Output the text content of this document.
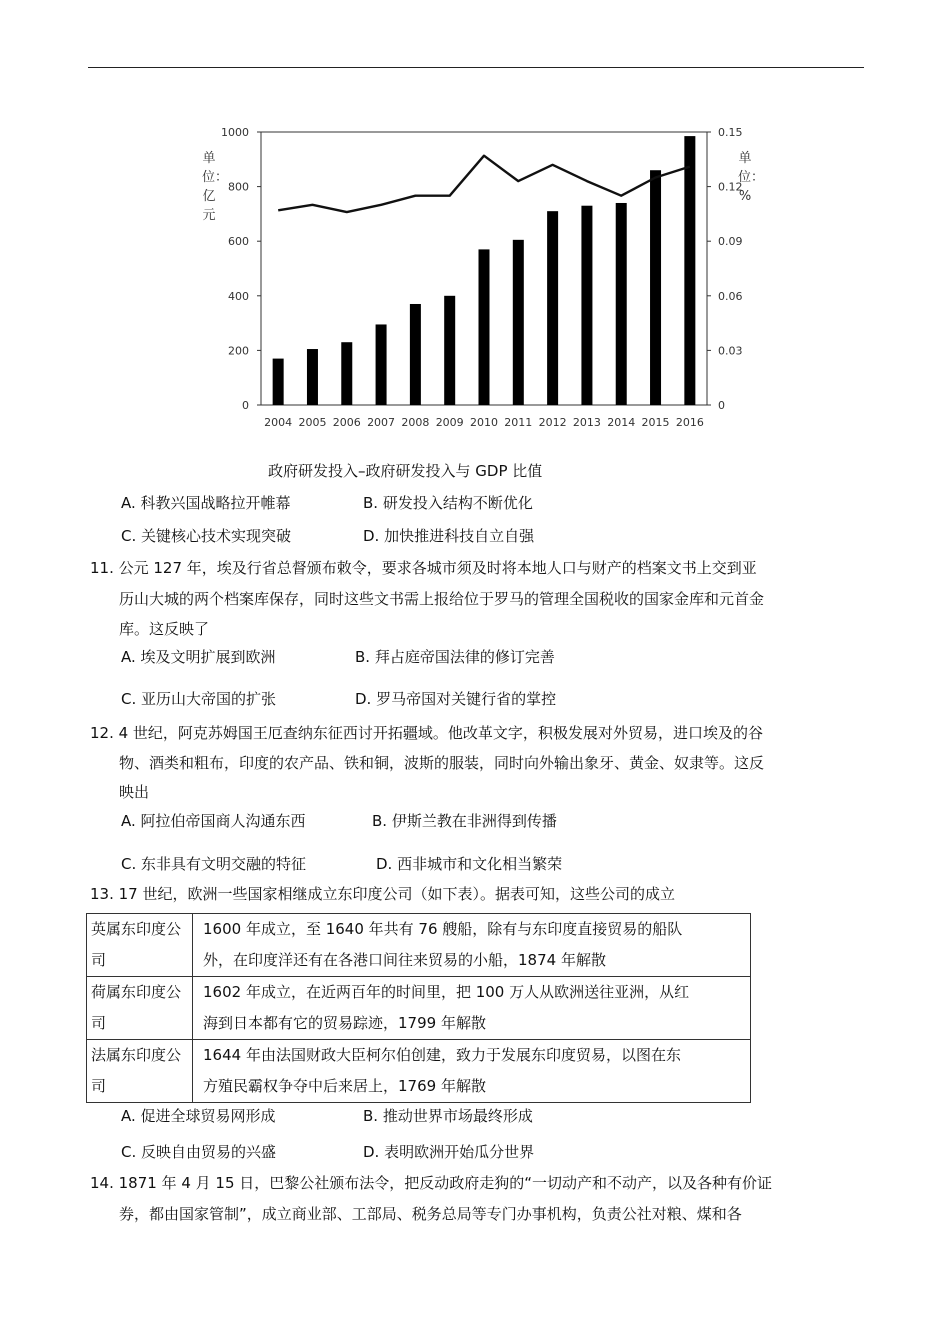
1000
800
600
400
200
0
0.15
0.12
0.09
0.06
0.03
0
2004 2005 2006 2007 2008 2009 2010 2011 2012 2013 2014 2015 2016
单位：亿元
单位：%
政府研发投入–政府研发投入与 GDP 比值
A. 科教兴国战略拉开帷幕	B. 研发投入结构不断优化
C. 关键核心技术实现突破	D. 加快推进科技自立自强
11. 公元 127 年，埃及行省总督颁布敕令，要求各城市须及时将本地人口与财产的档案文书上交到亚
历山大城的两个档案库保存，同时这些文书需上报给位于罗马的管理全国税收的国家金库和元首金
库。这反映了
A. 埃及文明扩展到欧洲	B. 拜占庭帝国法律的修订完善
C. 亚历山大帝国的扩张	D. 罗马帝国对关键行省的掌控
12. 4 世纪，阿克苏姆国王厄查纳东征西讨开拓疆域。他改革文字，积极发展对外贸易，进口埃及的谷
物、酒类和粗布，印度的农产品、铁和铜，波斯的服装，同时向外输出象牙、黄金、奴隶等。这反
映出
A. 阿拉伯帝国商人沟通东西	B. 伊斯兰教在非洲得到传播
C. 东非具有文明交融的特征	D. 西非城市和文化相当繁荣
13. 17 世纪，欧洲一些国家相继成立东印度公司（如下表）。据表可知，这些公司的成立
英属东印度公
司	1600 年成立，至 1640 年共有 76 艘船，除有与东印度直接贸易的船队
外，在印度洋还有在各港口间往来贸易的小船，1874 年解散
荷属东印度公
司	1602 年成立，在近两百年的时间里，把 100 万人从欧洲送往亚洲，从红
海到日本都有它的贸易踪迹，1799 年解散
法属东印度公
司	1644 年由法国财政大臣柯尔伯创建，致力于发展东印度贸易，以图在东
方殖民霸权争夺中后来居上，1769 年解散
A. 促进全球贸易网形成	B. 推动世界市场最终形成
C. 反映自由贸易的兴盛	D. 表明欧洲开始瓜分世界
14. 1871 年 4 月 15 日，巴黎公社颁布法令，把反动政府走狗的“一切动产和不动产，以及各种有价证
券，都由国家管制”，成立商业部、工部局、税务总局等专门办事机构，负责公社对粮、煤和各
